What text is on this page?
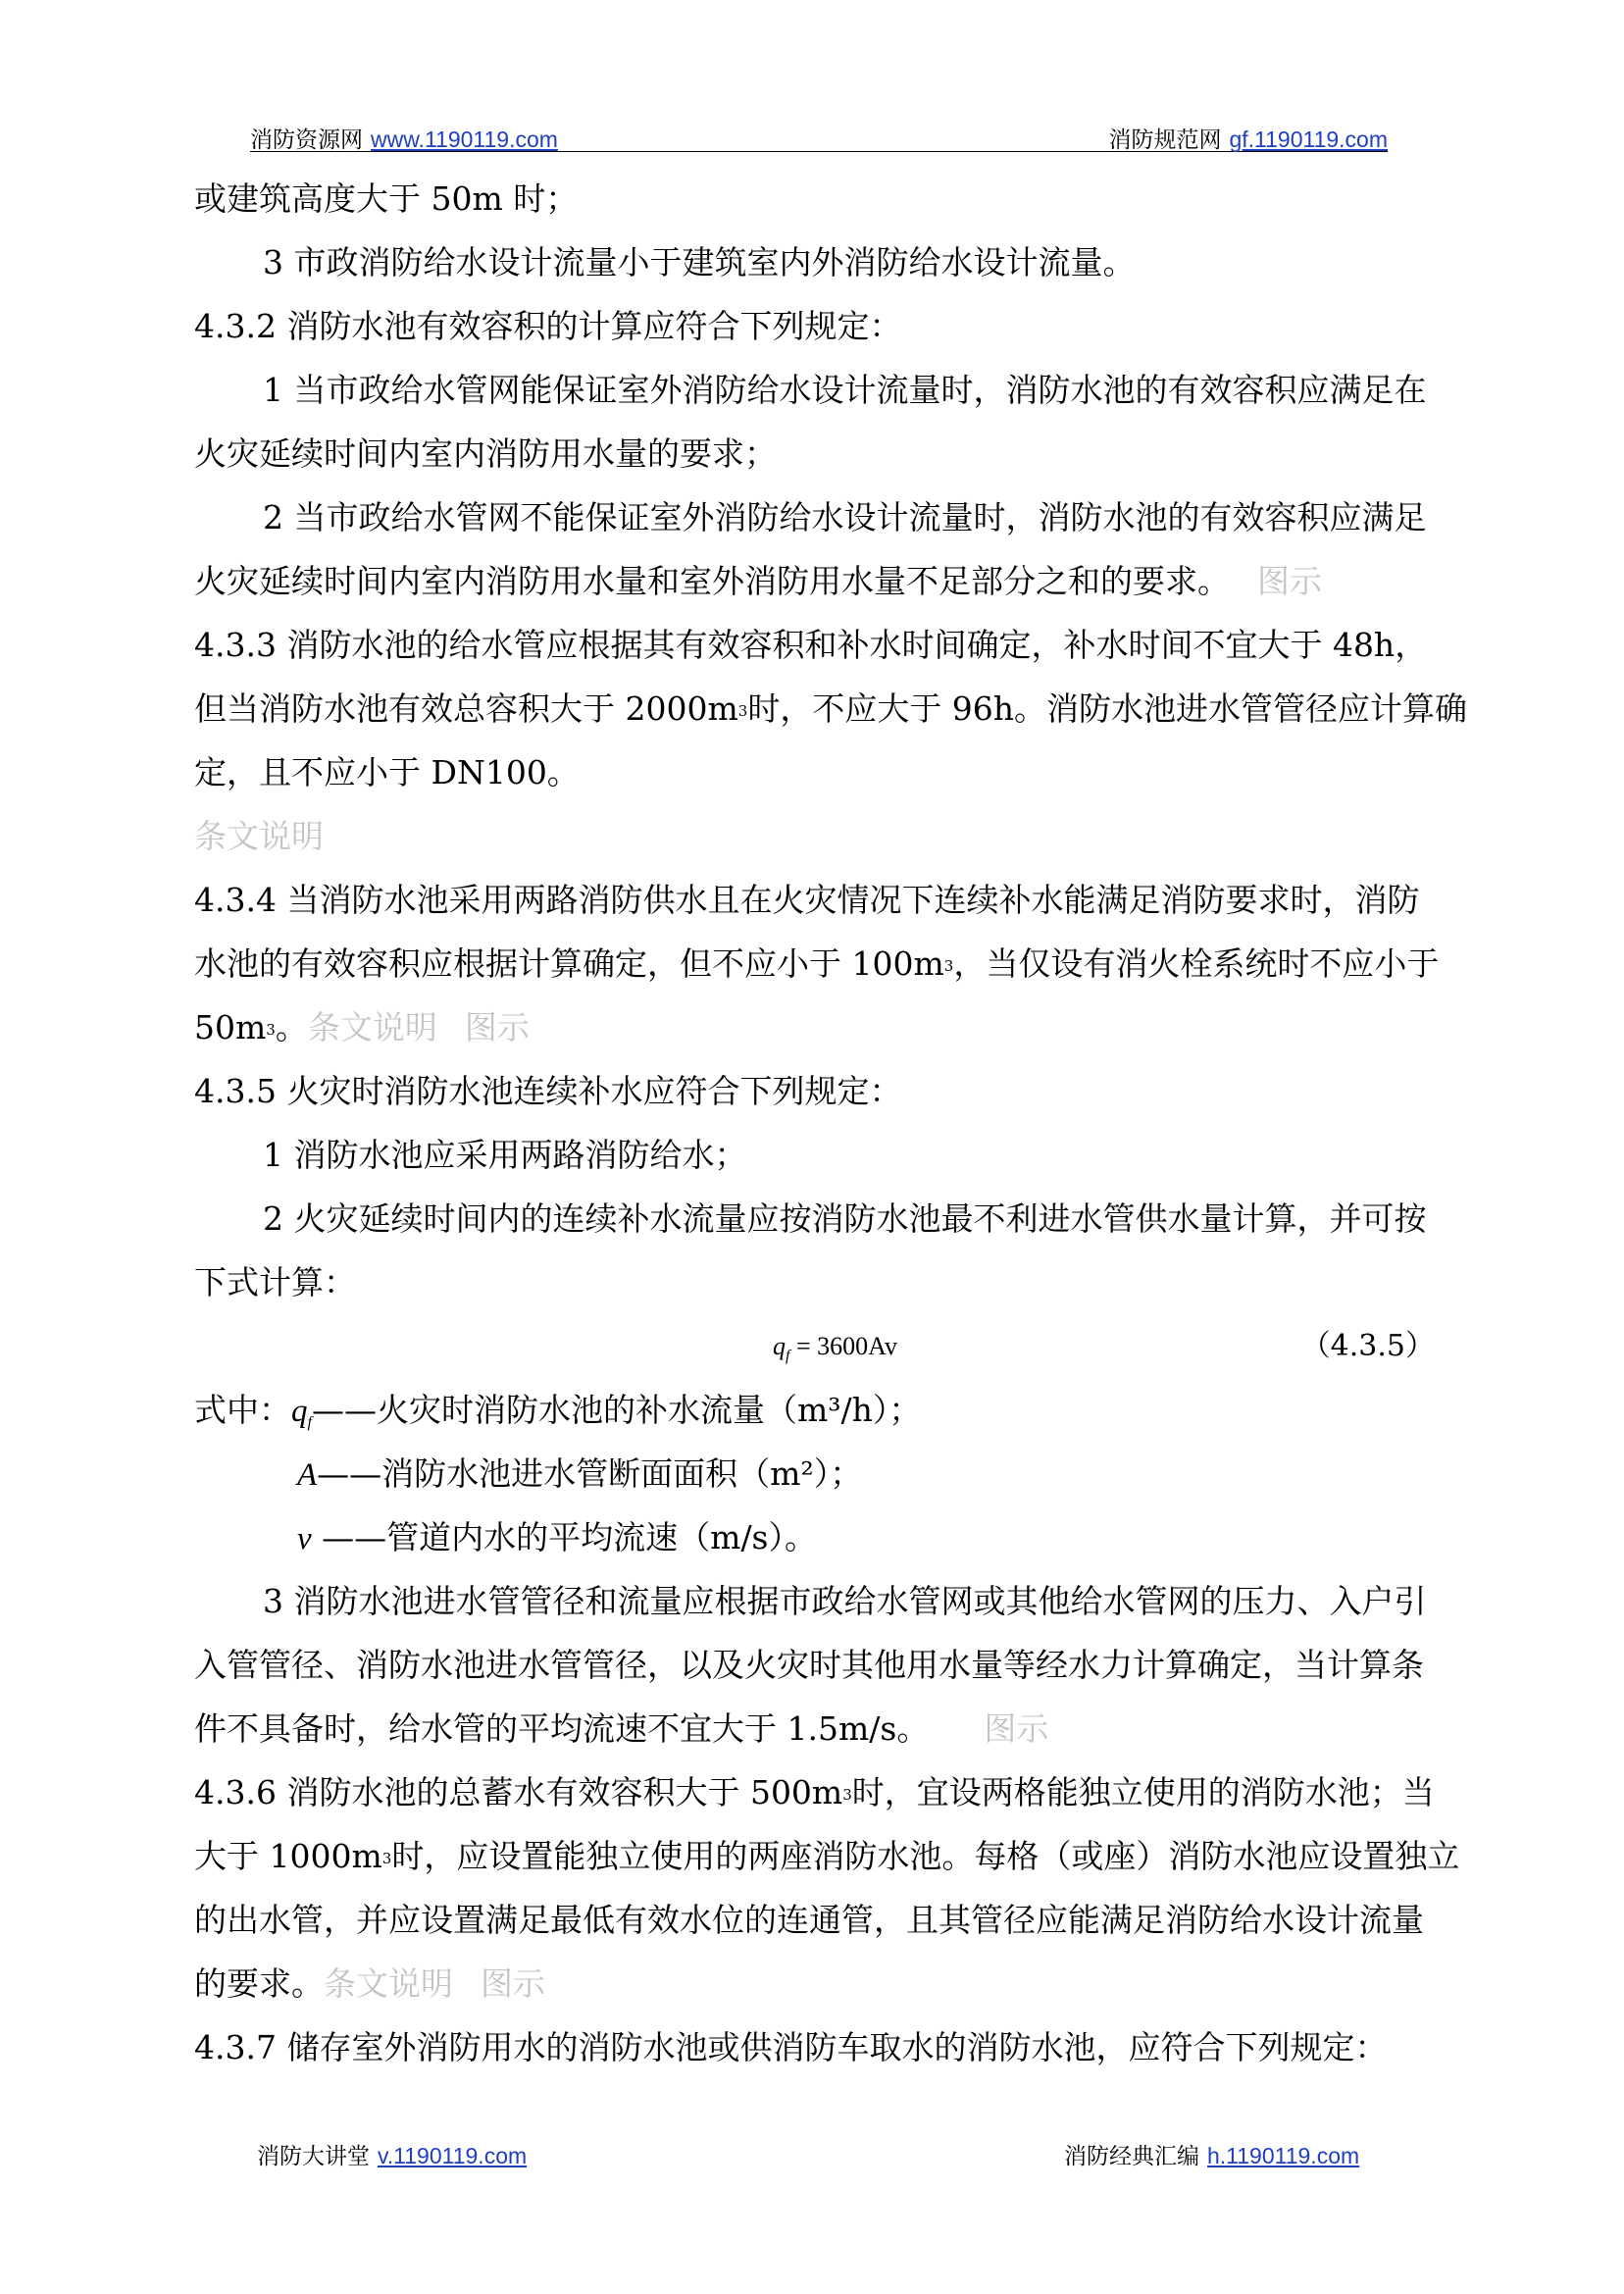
消防资源网 www.1190119.com	消防规范网 gf.1190119.com
或建筑高度大于 50m 时；
3 市政消防给水设计流量小于建筑室内外消防给水设计流量。
4.3.2 消防水池有效容积的计算应符合下列规定：
1 当市政给水管网能保证室外消防给水设计流量时，消防水池的有效容积应满足在
火灾延续时间内室内消防用水量的要求；
2 当市政给水管网不能保证室外消防给水设计流量时，消防水池的有效容积应满足
火灾延续时间内室内消防用水量和室外消防用水量不足部分之和的要求。 图示
4.3.3 消防水池的给水管应根据其有效容积和补水时间确定，补水时间不宜大于 48h，
但当消防水池有效总容积大于 $2000m^3$时，不应大于 96h。消防水池进水管管径应计算确
定，且不应小于 DN100。
条文说明
4.3.4 当消防水池采用两路消防供水且在火灾情况下连续补水能满足消防要求时，消防
水池的有效容积应根据计算确定，但不应小于 $100m^3$，当仅设有消火栓系统时不应小于
$50m^3$。条文说明 图示
4.3.5 火灾时消防水池连续补水应符合下列规定：
1 消防水池应采用两路消防给水；
2 火灾延续时间内的连续补水流量应按消防水池最不利进水管供水量计算，并可按
下式计算：
$q_f = 3600Av$	（4.3.5）
式中：$q_f——$火灾时消防水池的补水流量（m³/h）；
A——消防水池进水管断面面积（m²）；
v ——管道内水的平均流速（m/s）。
3 消防水池进水管管径和流量应根据市政给水管网或其他给水管网的压力、入户引
入管管径、消防水池进水管管径，以及火灾时其他用水量等经水力计算确定，当计算条
件不具备时，给水管的平均流速不宜大于 1.5m/s。 图示
4.3.6 消防水池的总蓄水有效容积大于 $500m^3$时，宜设两格能独立使用的消防水池；当
大于 $1000m^3$时，应设置能独立使用的两座消防水池。每格（或座）消防水池应设置独立
的出水管，并应设置满足最低有效水位的连通管，且其管径应能满足消防给水设计流量
的要求。条文说明 图示
4.3.7 储存室外消防用水的消防水池或供消防车取水的消防水池，应符合下列规定：
消防大讲堂 v.1190119.com	消防经典汇编 h.1190119.com
